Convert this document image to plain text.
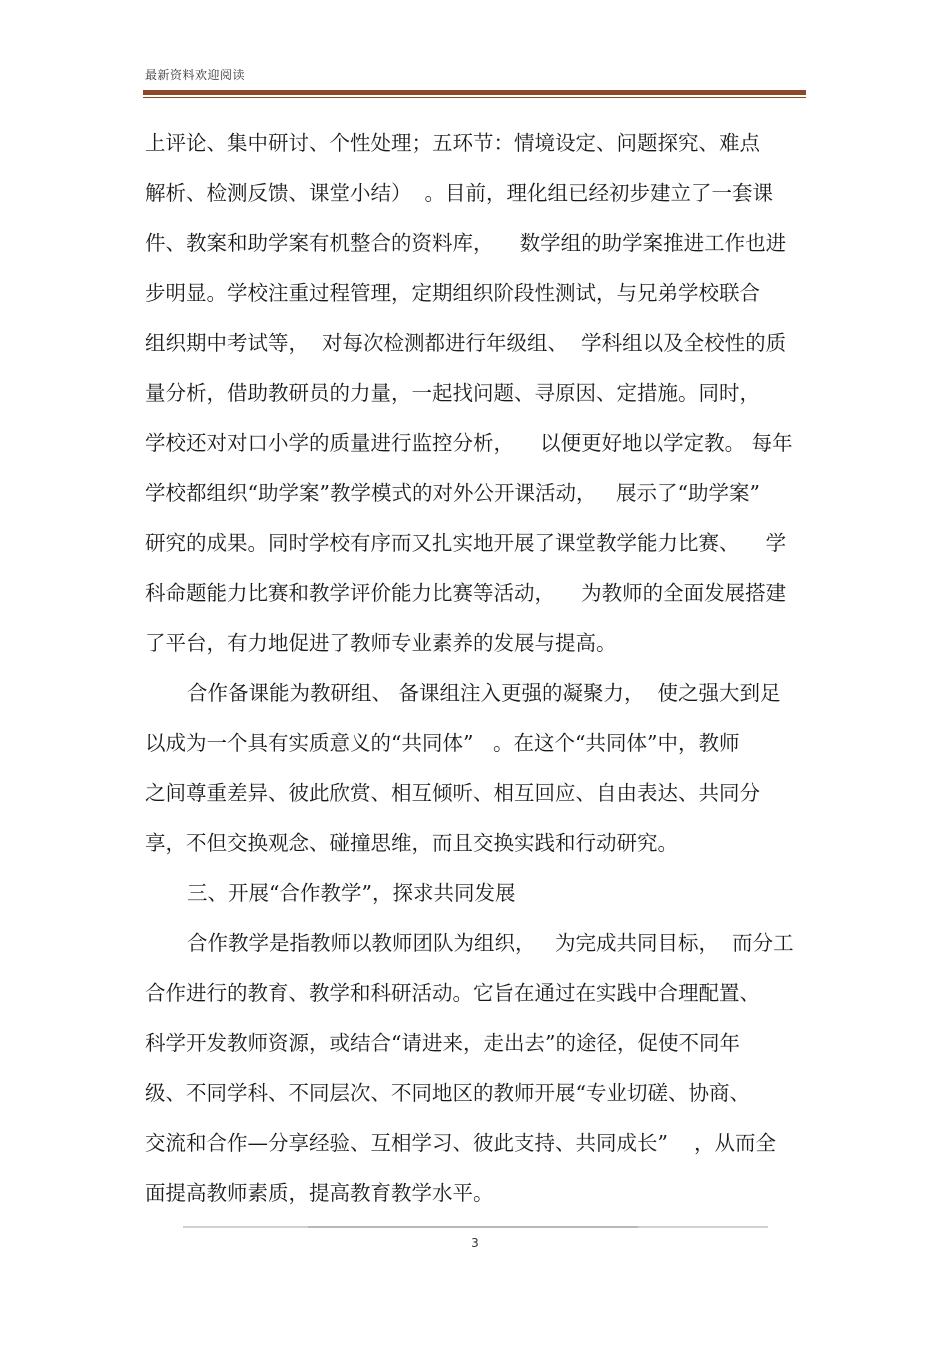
最新资料欢迎阅读
上评论、集中研讨、个性处理；五环节：情境设定、问题探究、难点
解析、检测反馈、课堂小结）  。目前，理化组已经初步建立了一套课
件、教案和助学案有机整合的资料库，    数学组的助学案推进工作也进
步明显。学校注重过程管理，定期组织阶段性测试，与兄弟学校联合
组织期中考试等，  对每次检测都进行年级组、  学科组以及全校性的质
量分析，借助教研员的力量，一起找问题、寻原因、定措施。同时，
学校还对对口小学的质量进行监控分析，    以便更好地以学定教。 每年
学校都组织“助学案”教学模式的对外公开课活动，   展示了“助学案”
研究的成果。同时学校有序而又扎实地开展了课堂教学能力比赛、    学
科命题能力比赛和教学评价能力比赛等活动，    为教师的全面发展搭建
了平台，有力地促进了教师专业素养的发展与提高。
合作备课能为教研组、 备课组注入更强的凝聚力，  使之强大到足
以成为一个具有实质意义的“共同体”   。在这个“共同体”中，教师
之间尊重差异、彼此欣赏、相互倾听、相互回应、自由表达、共同分
享，不但交换观念、碰撞思维，而且交换实践和行动研究。
三、开展“合作教学”，探求共同发展
合作教学是指教师以教师团队为组织，   为完成共同目标，  而分工
合作进行的教育、教学和科研活动。它旨在通过在实践中合理配置、
科学开发教师资源，或结合“请进来，走出去”的途径，促使不同年
级、不同学科、不同层次、不同地区的教师开展“专业切磋、协商、
交流和合作—分享经验、互相学习、彼此支持、共同成长”    ，从而全
面提高教师素质，提高教育教学水平。
3
